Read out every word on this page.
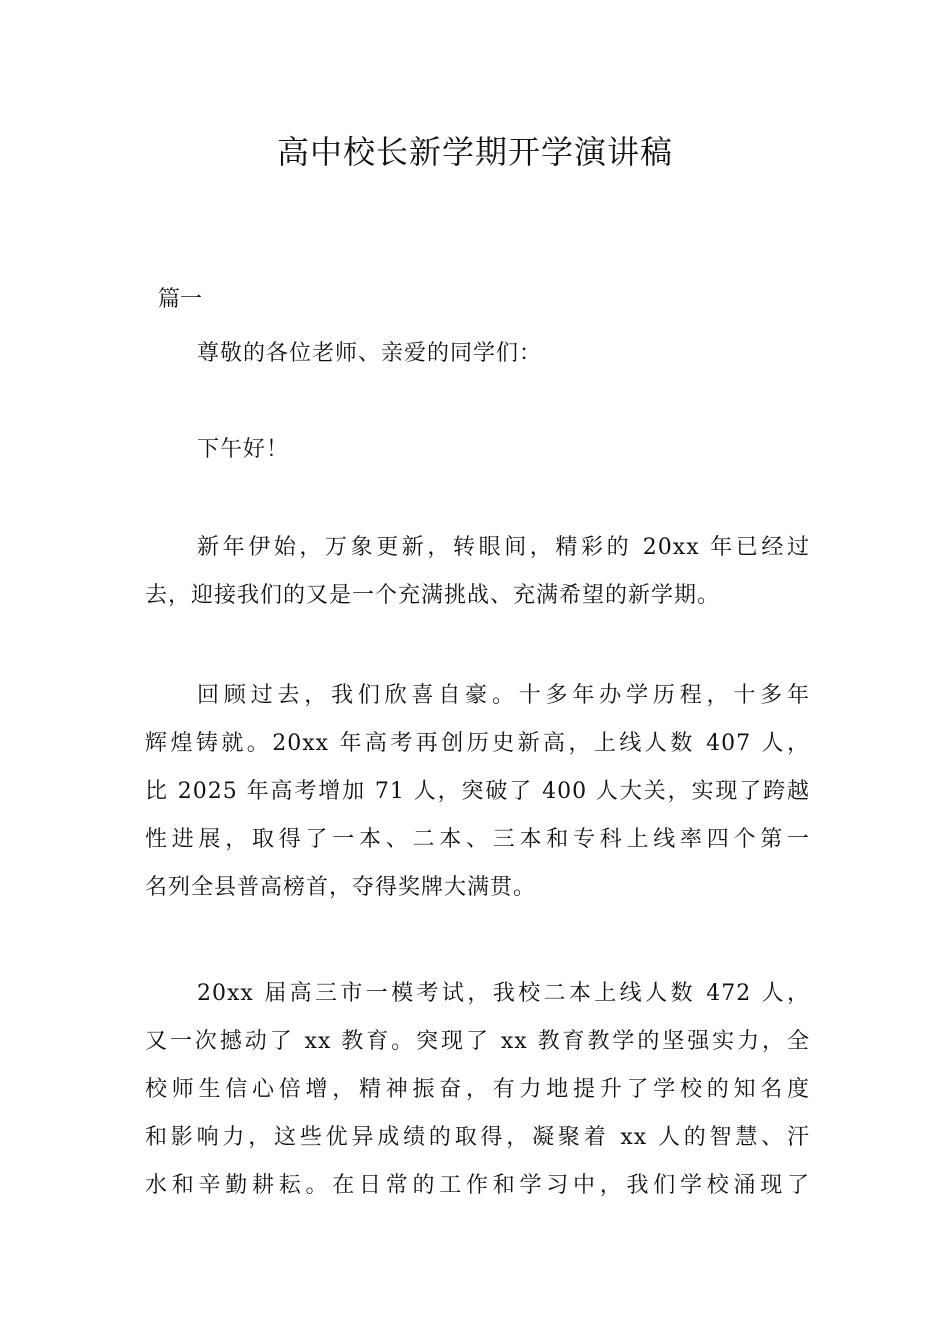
高中校长新学期开学演讲稿

篇一

尊敬的各位老师、亲爱的同学们：

下午好！

新年伊始，万象更新，转眼间，精彩的 20xx 年已经过
去，迎接我们的又是一个充满挑战、充满希望的新学期。

回顾过去，我们欣喜自豪。十多年办学历程，十多年
辉煌铸就。20xx 年高考再创历史新高，上线人数 407 人，
比 2025 年高考增加 71 人，突破了 400 人大关，实现了跨越
性进展，取得了一本、二本、三本和专科上线率四个第一
名列全县普高榜首，夺得奖牌大满贯。

20xx 届高三市一模考试，我校二本上线人数 472 人，
又一次撼动了 xx 教育。突现了 xx 教育教学的坚强实力，全
校师生信心倍增，精神振奋，有力地提升了学校的知名度
和影响力，这些优异成绩的取得，凝聚着 xx 人的智慧、汗
水和辛勤耕耘。在日常的工作和学习中，我们学校涌现了
